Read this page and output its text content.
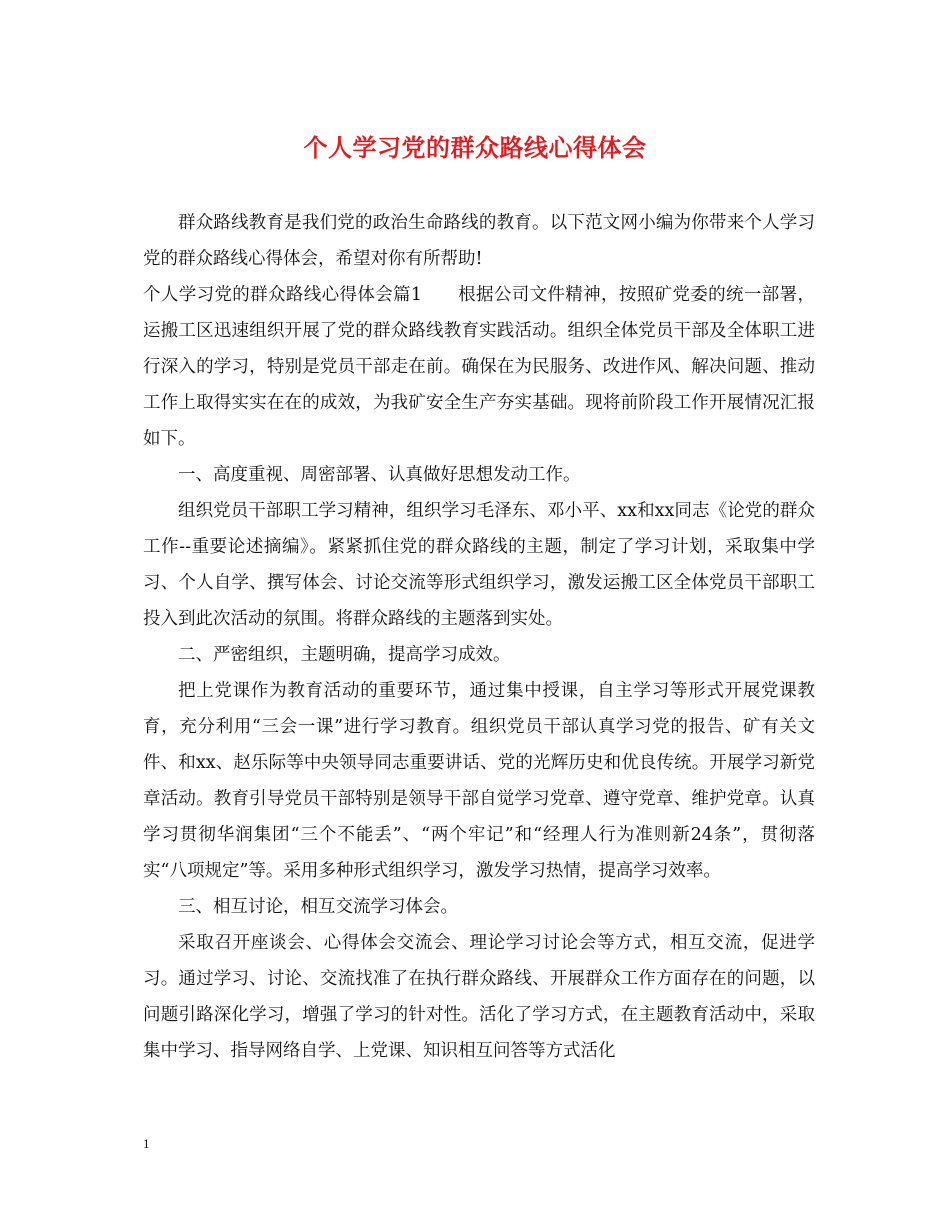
个人学习党的群众路线心得体会

群众路线教育是我们党的政治生命路线的教育。以下范文网小编为你带来个人学习党的群众路线心得体会，希望对你有所帮助!

个人学习党的群众路线心得体会篇1　　根据公司文件精神，按照矿党委的统一部署，运搬工区迅速组织开展了党的群众路线教育实践活动。组织全体党员干部及全体职工进行深入的学习，特别是党员干部走在前。确保在为民服务、改进作风、解决问题、推动工作上取得实实在在的成效，为我矿安全生产夯实基础。现将前阶段工作开展情况汇报如下。

一、高度重视、周密部署、认真做好思想发动工作。

组织党员干部职工学习精神，组织学习毛泽东、邓小平、xx和xx同志《论党的群众工作--重要论述摘编》。紧紧抓住党的群众路线的主题，制定了学习计划，采取集中学习、个人自学、撰写体会、讨论交流等形式组织学习，激发运搬工区全体党员干部职工投入到此次活动的氛围。将群众路线的主题落到实处。

二、严密组织，主题明确，提高学习成效。

把上党课作为教育活动的重要环节，通过集中授课，自主学习等形式开展党课教育，充分利用“三会一课”进行学习教育。组织党员干部认真学习党的报告、矿有关文件、和xx、赵乐际等中央领导同志重要讲话、党的光辉历史和优良传统。开展学习新党章活动。教育引导党员干部特别是领导干部自觉学习党章、遵守党章、维护党章。认真学习贯彻华润集团“三个不能丢”、“两个牢记”和“经理人行为准则新24条”，贯彻落实“八项规定”等。采用多种形式组织学习，激发学习热情，提高学习效率。

三、相互讨论，相互交流学习体会。

采取召开座谈会、心得体会交流会、理论学习讨论会等方式，相互交流，促进学习。通过学习、讨论、交流找准了在执行群众路线、开展群众工作方面存在的问题，以问题引路深化学习，增强了学习的针对性。活化了学习方式，在主题教育活动中，采取集中学习、指导网络自学、上党课、知识相互问答等方式活化

1
